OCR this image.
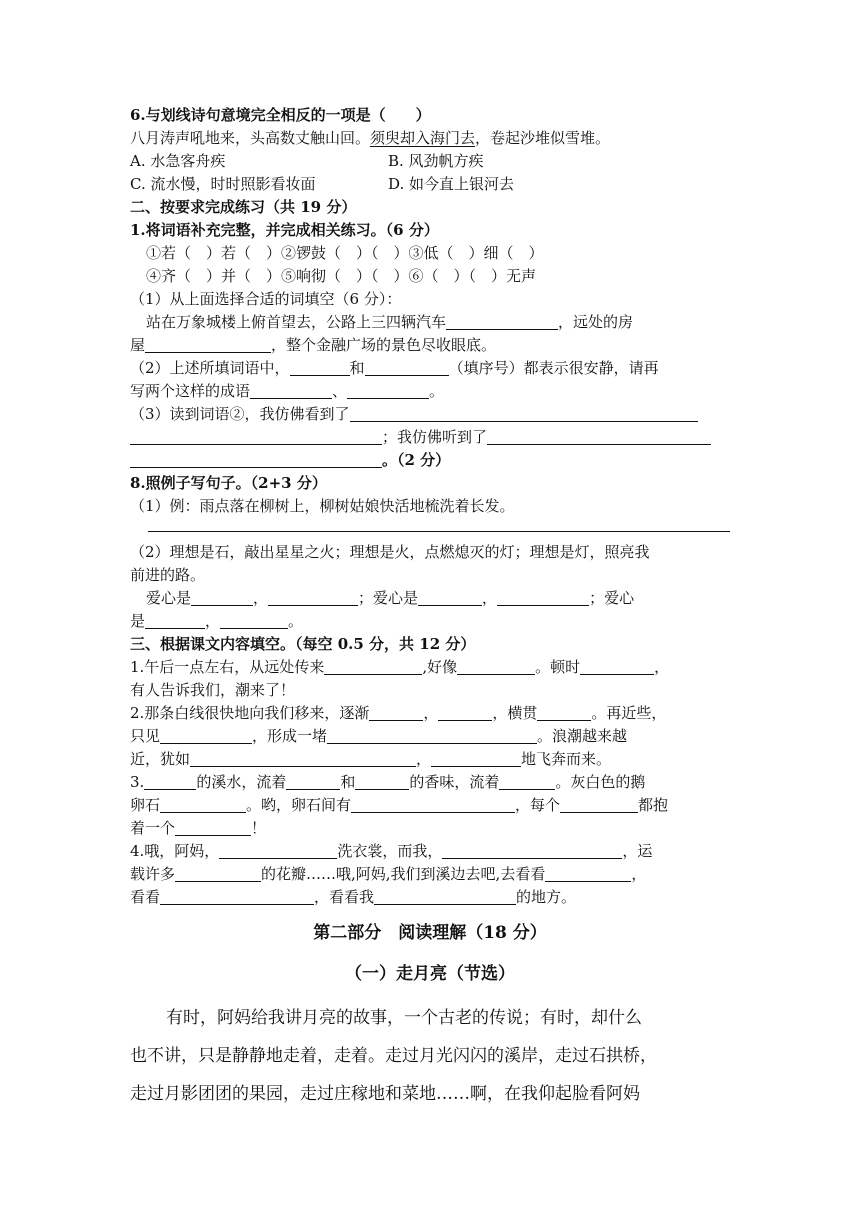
6.与划线诗句意境完全相反的一项是（　　）
八月涛声吼地来，头高数丈触山回。须臾却入海门去，卷起沙堆似雪堆。
A. 水急客舟疾	B. 风劲帆方疾
C. 流水慢，时时照影看妆面	D. 如今直上银河去
二、按要求完成练习（共 19 分）
1.将词语补充完整，并完成相关练习。（6 分）
①若（　）若（　）②锣鼓（　）（　）③低（　）细（　）
④齐（　）并（　）⑤响彻（　）（　）⑥（　）（　）无声
（1）从上面选择合适的词填空（6 分）：
站在万象城楼上俯首望去，公路上三四辆汽车	，远处的房
屋	，整个金融广场的景色尽收眼底。
（2）上述所填词语中，	和	（填序号）都表示很安静，请再
写两个这样的成语	、	。
（3）读到词语②，我仿佛看到了
；我仿佛听到了
。（2 分）
8.照例子写句子。（2+3 分）
（1）例：雨点落在柳树上，柳树姑娘快活地梳洗着长发。
（2）理想是石，敲出星星之火；理想是火，点燃熄灭的灯；理想是灯，照亮我
前进的路。
爱心是	，	；爱心是	，	；爱心
是	，	。
三、根据课文内容填空。（每空 0.5 分，共 12 分）
1.午后一点左右，从远处传来	,好像	。顿时	，
有人告诉我们，潮来了！
2.那条白线很快地向我们移来，逐渐	，	，横贯	。再近些，
只见	，形成一堵	。浪潮越来越
近，犹如	，	地飞奔而来。
3.	的溪水，流着	和	的香味，流着	。灰白色的鹅
卵石	。哟，卵石间有	，每个	都抱
着一个	！
4.哦，阿妈，	洗衣裳，而我，	，运
载许多	的花瓣……哦,阿妈,我们到溪边去吧,去看看	，
看看	，看看我	的地方。
第二部分　阅读理解（18 分）
（一）走月亮（节选）
有时，阿妈给我讲月亮的故事，一个古老的传说；有时，却什么
也不讲，只是静静地走着，走着。走过月光闪闪的溪岸，走过石拱桥，
走过月影团团的果园，走过庄稼地和菜地……啊，在我仰起脸看阿妈
